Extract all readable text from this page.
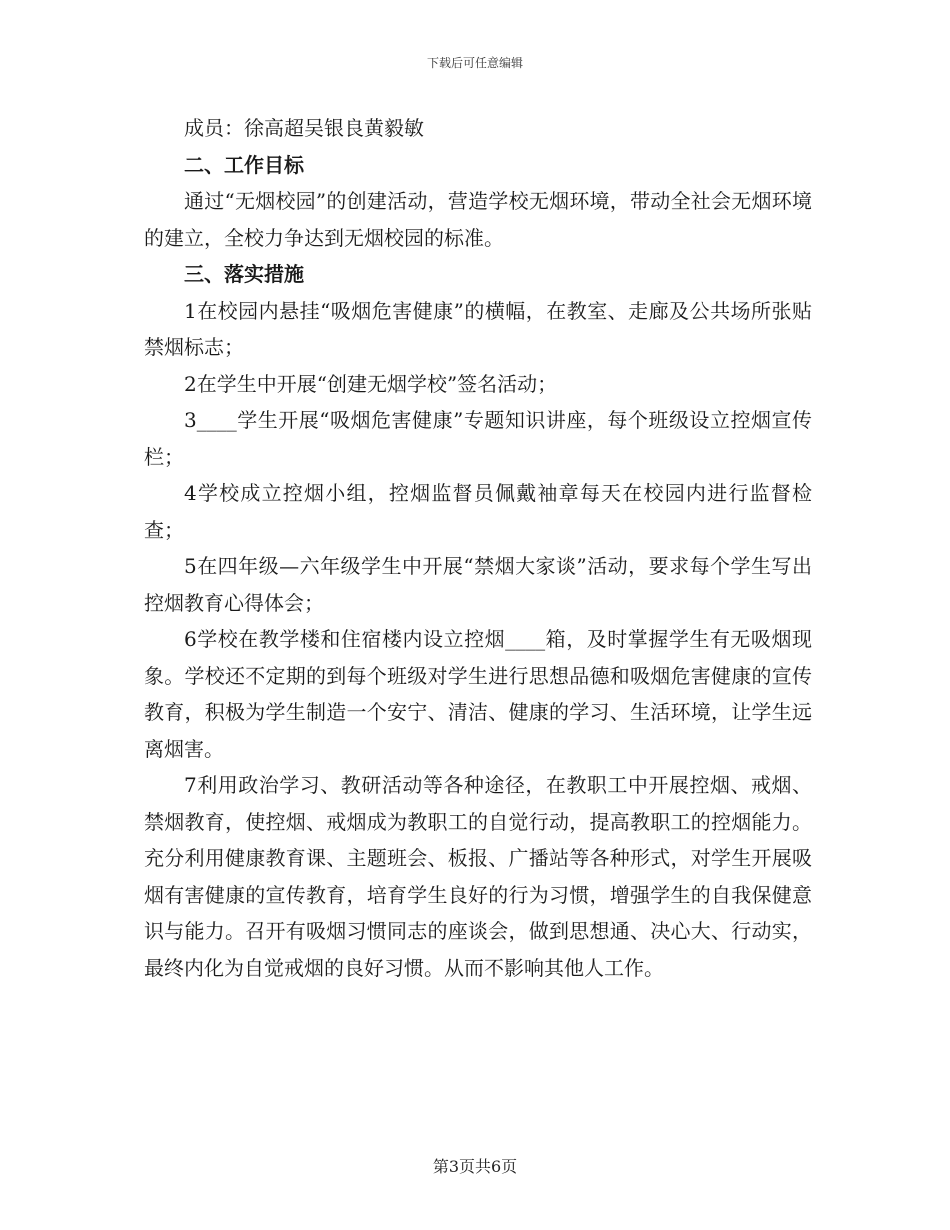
下载后可任意编辑

成员：徐高超吴银良黄毅敏

二、工作目标

通过“无烟校园”的创建活动，营造学校无烟环境，带动全社会无烟环境的建立，全校力争达到无烟校园的标准。

三、落实措施

1在校园内悬挂“吸烟危害健康”的横幅，在教室、走廊及公共场所张贴禁烟标志；

2在学生中开展“创建无烟学校”签名活动；

3____学生开展“吸烟危害健康”专题知识讲座，每个班级设立控烟宣传栏；

4学校成立控烟小组，控烟监督员佩戴袖章每天在校园内进行监督检查；

5在四年级—六年级学生中开展“禁烟大家谈”活动，要求每个学生写出控烟教育心得体会；

6学校在教学楼和住宿楼内设立控烟____箱，及时掌握学生有无吸烟现象。学校还不定期的到每个班级对学生进行思想品德和吸烟危害健康的宣传教育，积极为学生制造一个安宁、清洁、健康的学习、生活环境，让学生远离烟害。

7利用政治学习、教研活动等各种途径，在教职工中开展控烟、戒烟、禁烟教育，使控烟、戒烟成为教职工的自觉行动，提高教职工的控烟能力。充分利用健康教育课、主题班会、板报、广播站等各种形式，对学生开展吸烟有害健康的宣传教育，培育学生良好的行为习惯，增强学生的自我保健意识与能力。召开有吸烟习惯同志的座谈会，做到思想通、决心大、行动实，最终内化为自觉戒烟的良好习惯。从而不影响其他人工作。

第3页共6页
